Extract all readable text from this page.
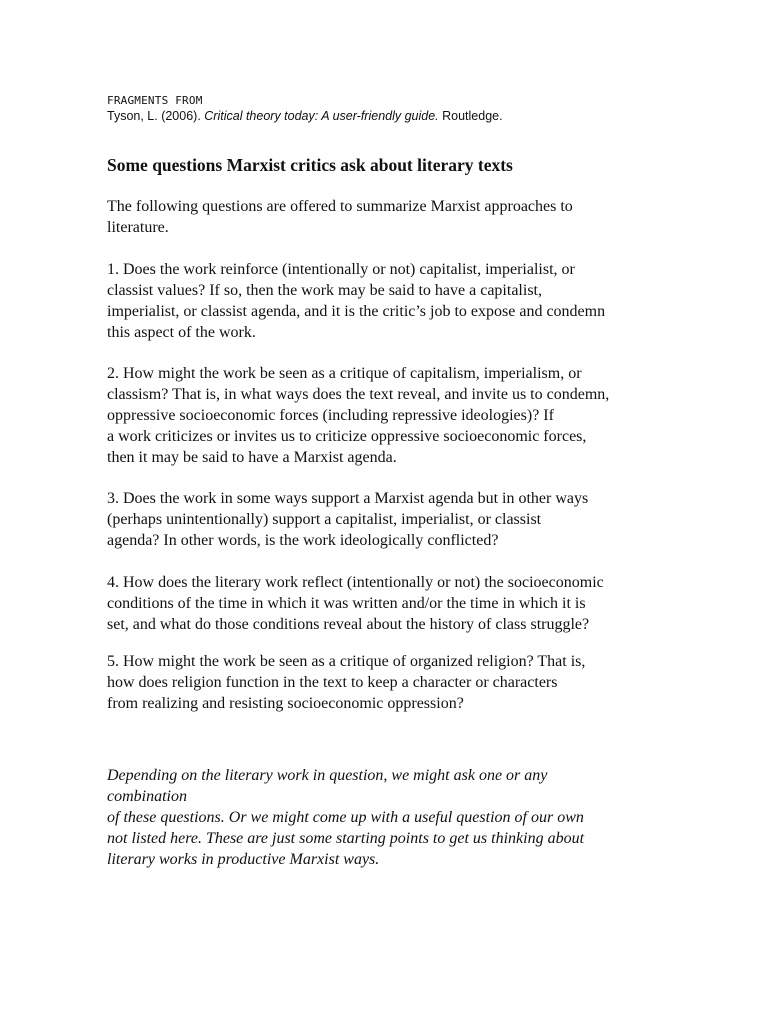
FRAGMENTS FROM
Tyson, L. (2006). Critical theory today: A user-friendly guide. Routledge.
Some questions Marxist critics ask about literary texts
The following questions are offered to summarize Marxist approaches to
literature.
1. Does the work reinforce (intentionally or not) capitalist, imperialist, or
classist values? If so, then the work may be said to have a capitalist,
imperialist, or classist agenda, and it is the critic’s job to expose and condemn
this aspect of the work.
2. How might the work be seen as a critique of capitalism, imperialism, or
classism? That is, in what ways does the text reveal, and invite us to condemn,
oppressive socioeconomic forces (including repressive ideologies)? If
a work criticizes or invites us to criticize oppressive socioeconomic forces,
then it may be said to have a Marxist agenda.
3. Does the work in some ways support a Marxist agenda but in other ways
(perhaps unintentionally) support a capitalist, imperialist, or classist
agenda? In other words, is the work ideologically conflicted?
4. How does the literary work reflect (intentionally or not) the socioeconomic
conditions of the time in which it was written and/or the time in which it is
set, and what do those conditions reveal about the history of class struggle?
5. How might the work be seen as a critique of organized religion? That is,
how does religion function in the text to keep a character or characters
from realizing and resisting socioeconomic oppression?
Depending on the literary work in question, we might ask one or any
combination
of these questions. Or we might come up with a useful question of our own
not listed here. These are just some starting points to get us thinking about
literary works in productive Marxist ways.
